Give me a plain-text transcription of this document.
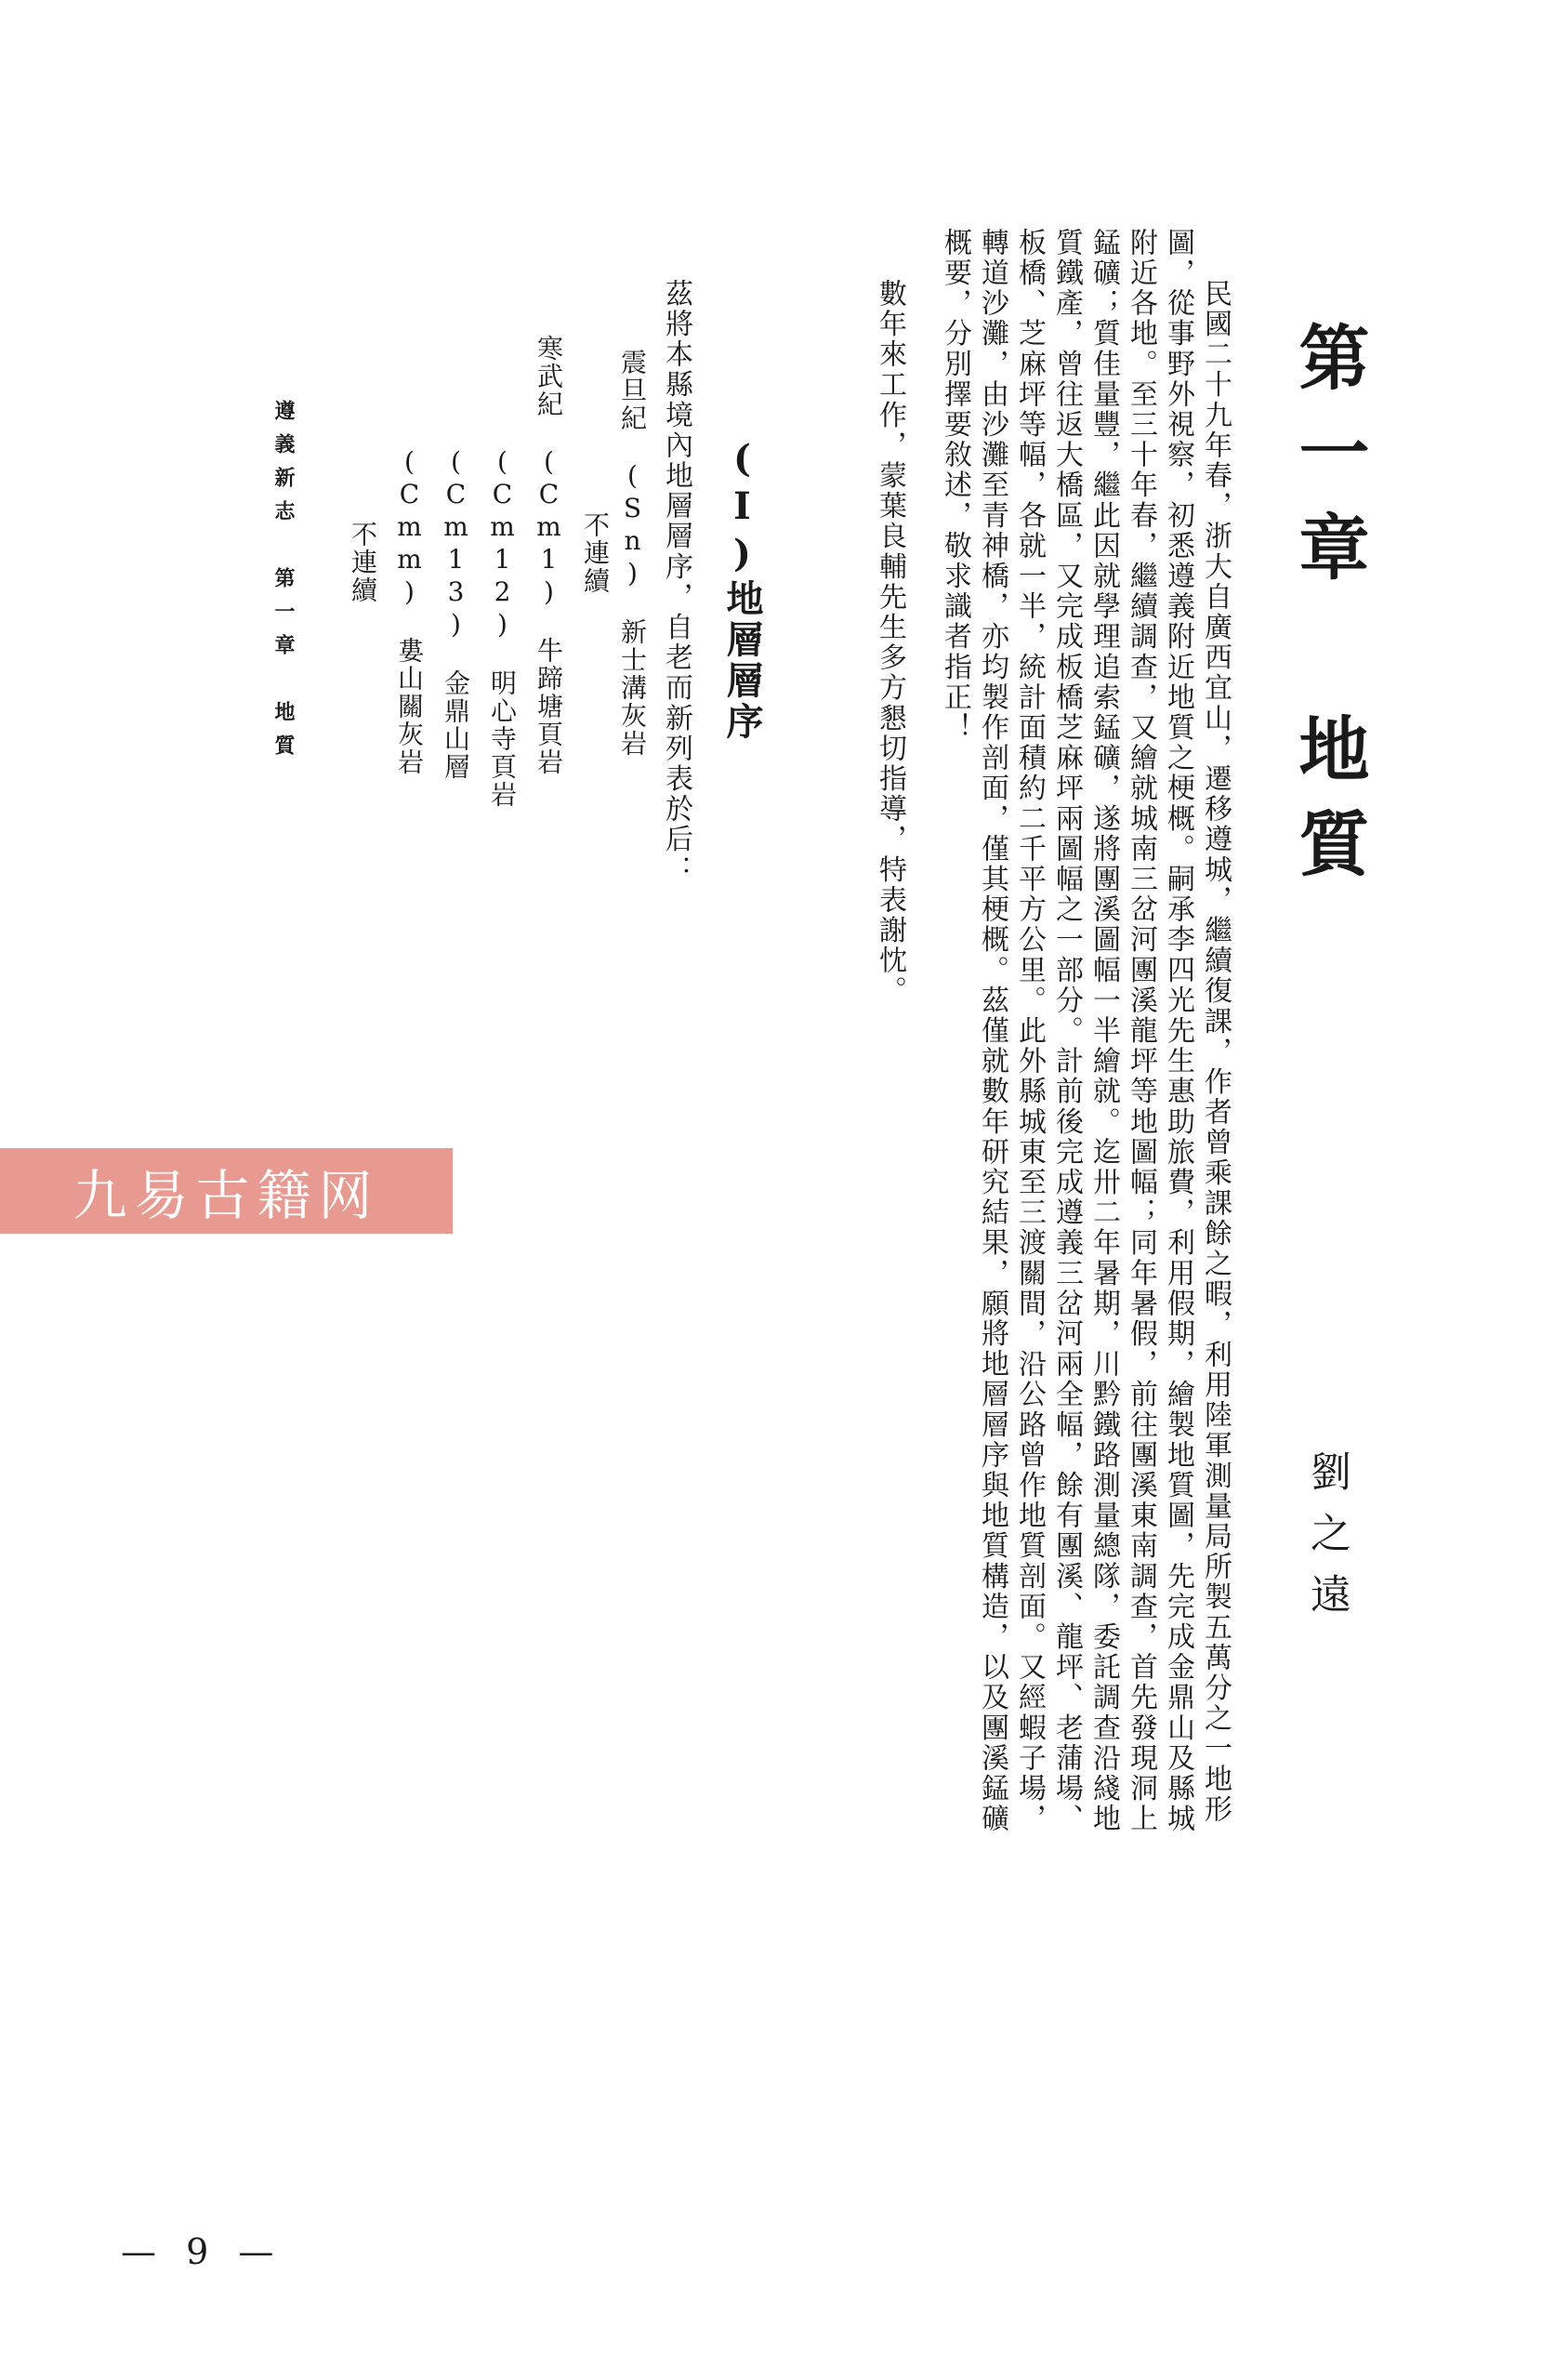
第一章 地質
劉之遠

民國二十九年春，浙大自廣西宜山，遷移遵城，繼續復課，作者曾乘課餘之暇，利用陸軍測量局所製五萬分之一地形

圖，從事野外視察，初悉遵義附近地質之梗概。嗣承李四光先生惠助旅費，利用假期，繪製地質圖，先完成金鼎山及縣城

附近各地。至三十年春，繼續調查，又繪就城南三岔河團溪龍坪等地圖幅；同年暑假，前往團溪東南調查，首先發現洞上

錳礦；質佳量豐，繼此因就學理追索錳礦，遂將團溪圖幅一半繪就。迄卅二年暑期，川黔鐵路測量總隊，委託調查沿綫地

質鐵產，曾往返大橋區，又完成板橋芝麻坪兩圖幅之一部分。計前後完成遵義三岔河兩全幅，餘有團溪、龍坪、老蒲場、

板橋、芝麻坪等幅，各就一半，統計面積約二千平方公里。此外縣城東至三渡關間，沿公路曾作地質剖面。又經蝦子場，

轉道沙灘，由沙灘至青神橋，亦均製作剖面，僅其梗概。茲僅就數年研究結果，願將地層層序與地質構造，以及團溪錳礦

概要，分別擇要敘述，敬求識者指正！

數年來工作，蒙葉良輔先生多方懇切指導，特表謝忱。

(I)地層層序

茲將本縣境內地層層序，自老而新列表於后：

震旦紀　(Sn)　新士溝灰岩
　不連續
寒武紀　(Cm1)　牛蹄塘頁岩
　　　　(Cm12)　明心寺頁岩
　　　　(Cm13)　金鼎山層
　　　　(Cmm)　婁山關灰岩
　　不連續
遵義新志　第一章　地質
九易古籍网
— 9 —
